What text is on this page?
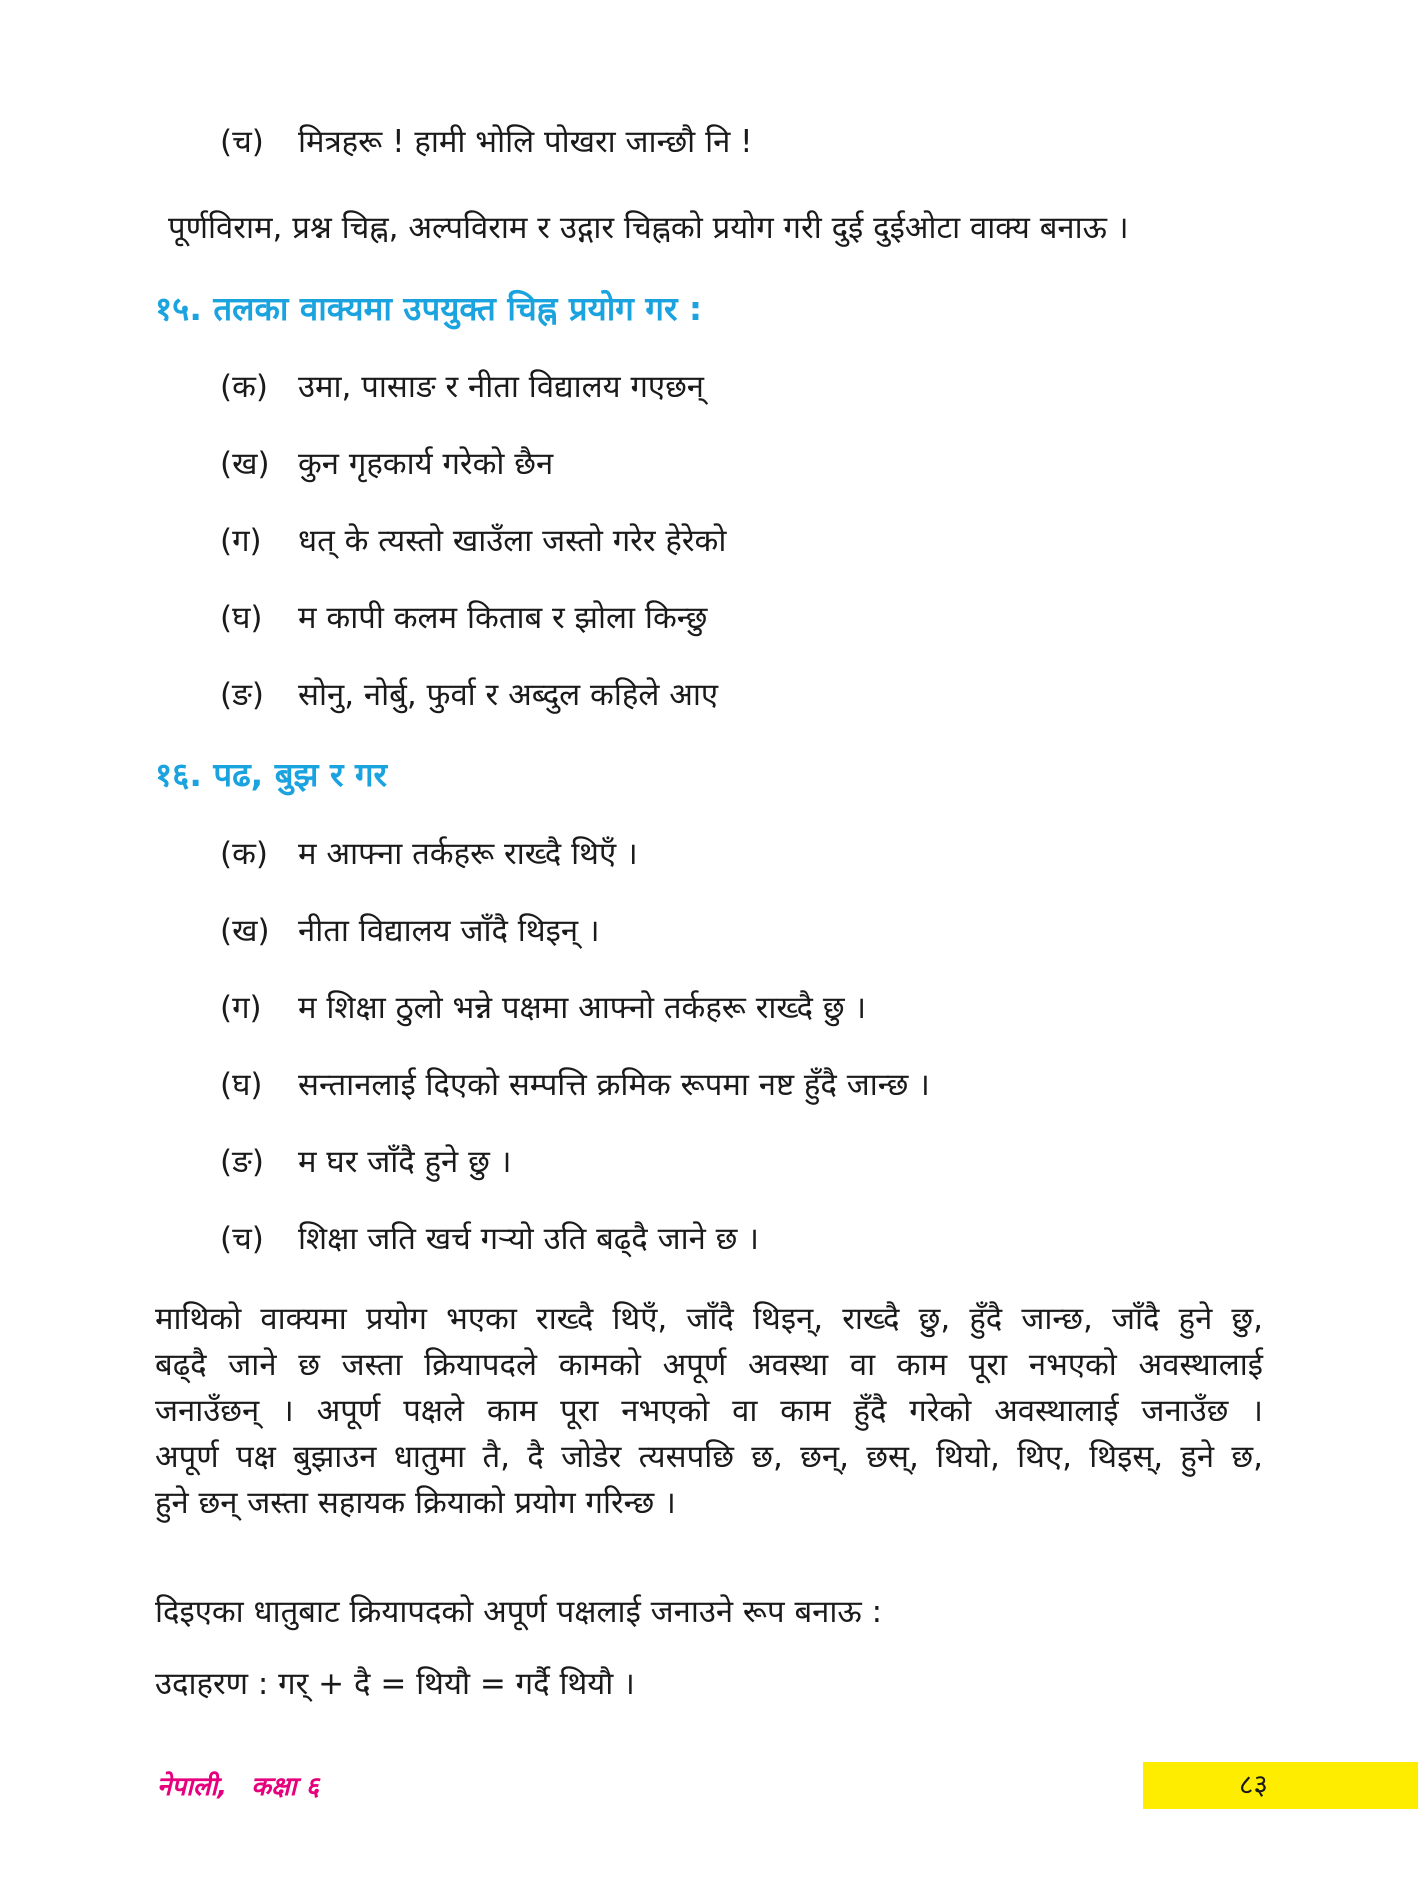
(च) मित्रहरू ! हामी भोलि पोखरा जान्छौ नि !
पूर्णविराम, प्रश्न चिह्न, अल्पविराम र उद्गार चिह्नको प्रयोग गरी दुई दुईओटा वाक्य बनाऊ ।
१५. तलका वाक्यमा उपयुक्त चिह्न प्रयोग गर :
(क) उमा, पासाङ र नीता विद्यालय गएछन्
(ख) कुन गृहकार्य गरेको छैन
(ग) धत् के त्यस्तो खाउँला जस्तो गरेर हेरेको
(घ) म कापी कलम किताब र झोला किन्छु
(ङ) सोनु, नोर्बु, फुर्वा र अब्दुल कहिले आए
१६. पढ, बुझ र गर
(क) म आफ्ना तर्कहरू राख्दै थिएँ ।
(ख) नीता विद्यालय जाँदै थिइन् ।
(ग) म शिक्षा ठुलो भन्ने पक्षमा आफ्नो तर्कहरू राख्दै छु ।
(घ) सन्तानलाई दिएको सम्पत्ति क्रमिक रूपमा नष्ट हुँदै जान्छ ।
(ङ) म घर जाँदै हुने छु ।
(च) शिक्षा जति खर्च गऱ्यो उति बढ्दै जाने छ ।

माथिको वाक्यमा प्रयोग भएका राख्दै थिएँ, जाँदै थिइन्, राख्दै छु, हुँदै जान्छ, जाँदै हुने छु,

बढ्दै जाने छ जस्ता क्रियापदले कामको अपूर्ण अवस्था वा काम पूरा नभएको अवस्थालाई

जनाउँछन् । अपूर्ण पक्षले काम पूरा नभएको वा काम हुँदै गरेको अवस्थालाई जनाउँछ ।

अपूर्ण पक्ष बुझाउन धातुमा तै, दै जोडेर त्यसपछि छ, छन्, छस्, थियो, थिए, थिइस्, हुने छ,

हुने छन् जस्ता सहायक क्रियाको प्रयोग गरिन्छ ।

दिइएका धातुबाट क्रियापदको अपूर्ण पक्षलाई जनाउने रूप बनाऊ :
उदाहरण : गर् + दै = थियौ = गर्दै थियौ ।
नेपाली, कक्षा ६	८३
